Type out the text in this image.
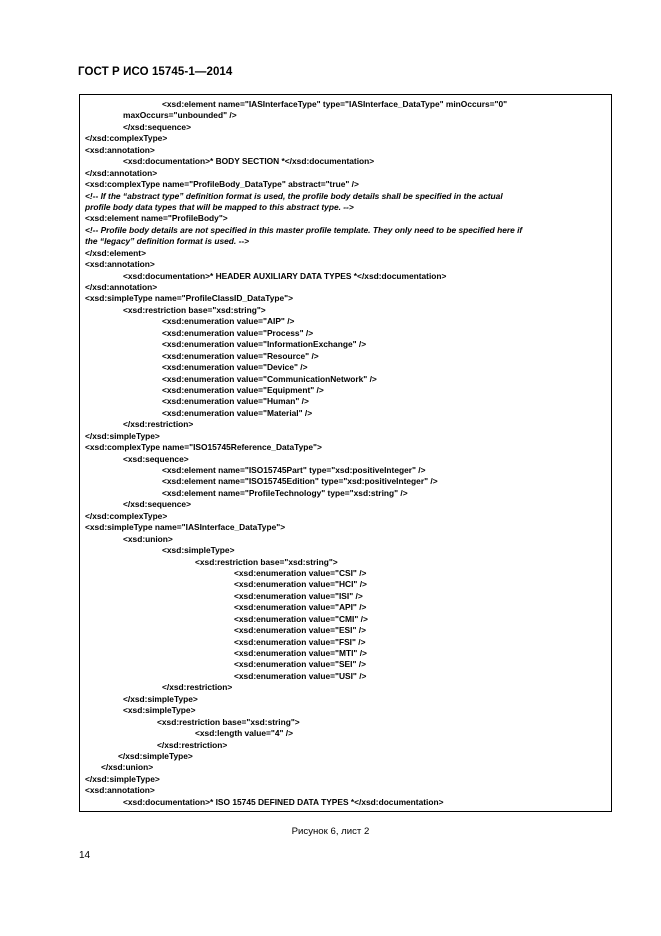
ГОСТ Р ИСО 15745-1—2014
<xsd:element name="IASInterfaceType" type="IASInterface_DataType" minOccurs="0"
maxOccurs="unbounded" />
</xsd:sequence>
</xsd:complexType>
<xsd:annotation>
<xsd:documentation>* BODY SECTION *</xsd:documentation>
</xsd:annotation>
<xsd:complexType name="ProfileBody_DataType" abstract="true" />
<!-- If the “abstract type” definition format is used, the profile body details shall be specified in the actual
profile body data types that will be mapped to this abstract type. -->
<xsd:element name="ProfileBody">
<!-- Profile body details are not specified in this master profile template. They only need to be specified here if
the “legacy” definition format is used. -->
</xsd:element>
<xsd:annotation>
<xsd:documentation>* HEADER AUXILIARY DATA TYPES *</xsd:documentation>
</xsd:annotation>
<xsd:simpleType name="ProfileClassID_DataType">
<xsd:restriction base="xsd:string">
<xsd:enumeration value="AIP" />
<xsd:enumeration value="Process" />
<xsd:enumeration value="InformationExchange" />
<xsd:enumeration value="Resource" />
<xsd:enumeration value="Device" />
<xsd:enumeration value="CommunicationNetwork" />
<xsd:enumeration value="Equipment" />
<xsd:enumeration value="Human" />
<xsd:enumeration value="Material" />
</xsd:restriction>
</xsd:simpleType>
<xsd:complexType name="ISO15745Reference_DataType">
<xsd:sequence>
<xsd:element name="ISO15745Part" type="xsd:positiveInteger" />
<xsd:element name="ISO15745Edition" type="xsd:positiveInteger" />
<xsd:element name="ProfileTechnology" type="xsd:string" />
</xsd:sequence>
</xsd:complexType>
<xsd:simpleType name="IASInterface_DataType">
<xsd:union>
<xsd:simpleType>
<xsd:restriction base="xsd:string">
<xsd:enumeration value="CSI" />
<xsd:enumeration value="HCI" />
<xsd:enumeration value="ISI" />
<xsd:enumeration value="API" />
<xsd:enumeration value="CMI" />
<xsd:enumeration value="ESI" />
<xsd:enumeration value="FSI" />
<xsd:enumeration value="MTI" />
<xsd:enumeration value="SEI" />
<xsd:enumeration value="USI" />
</xsd:restriction>
</xsd:simpleType>
<xsd:simpleType>
<xsd:restriction base="xsd:string">
<xsd:length value="4" />
</xsd:restriction>
</xsd:simpleType>
</xsd:union>
</xsd:simpleType>
<xsd:annotation>
<xsd:documentation>* ISO 15745 DEFINED DATA TYPES *</xsd:documentation>
Рисунок 6, лист 2
14
